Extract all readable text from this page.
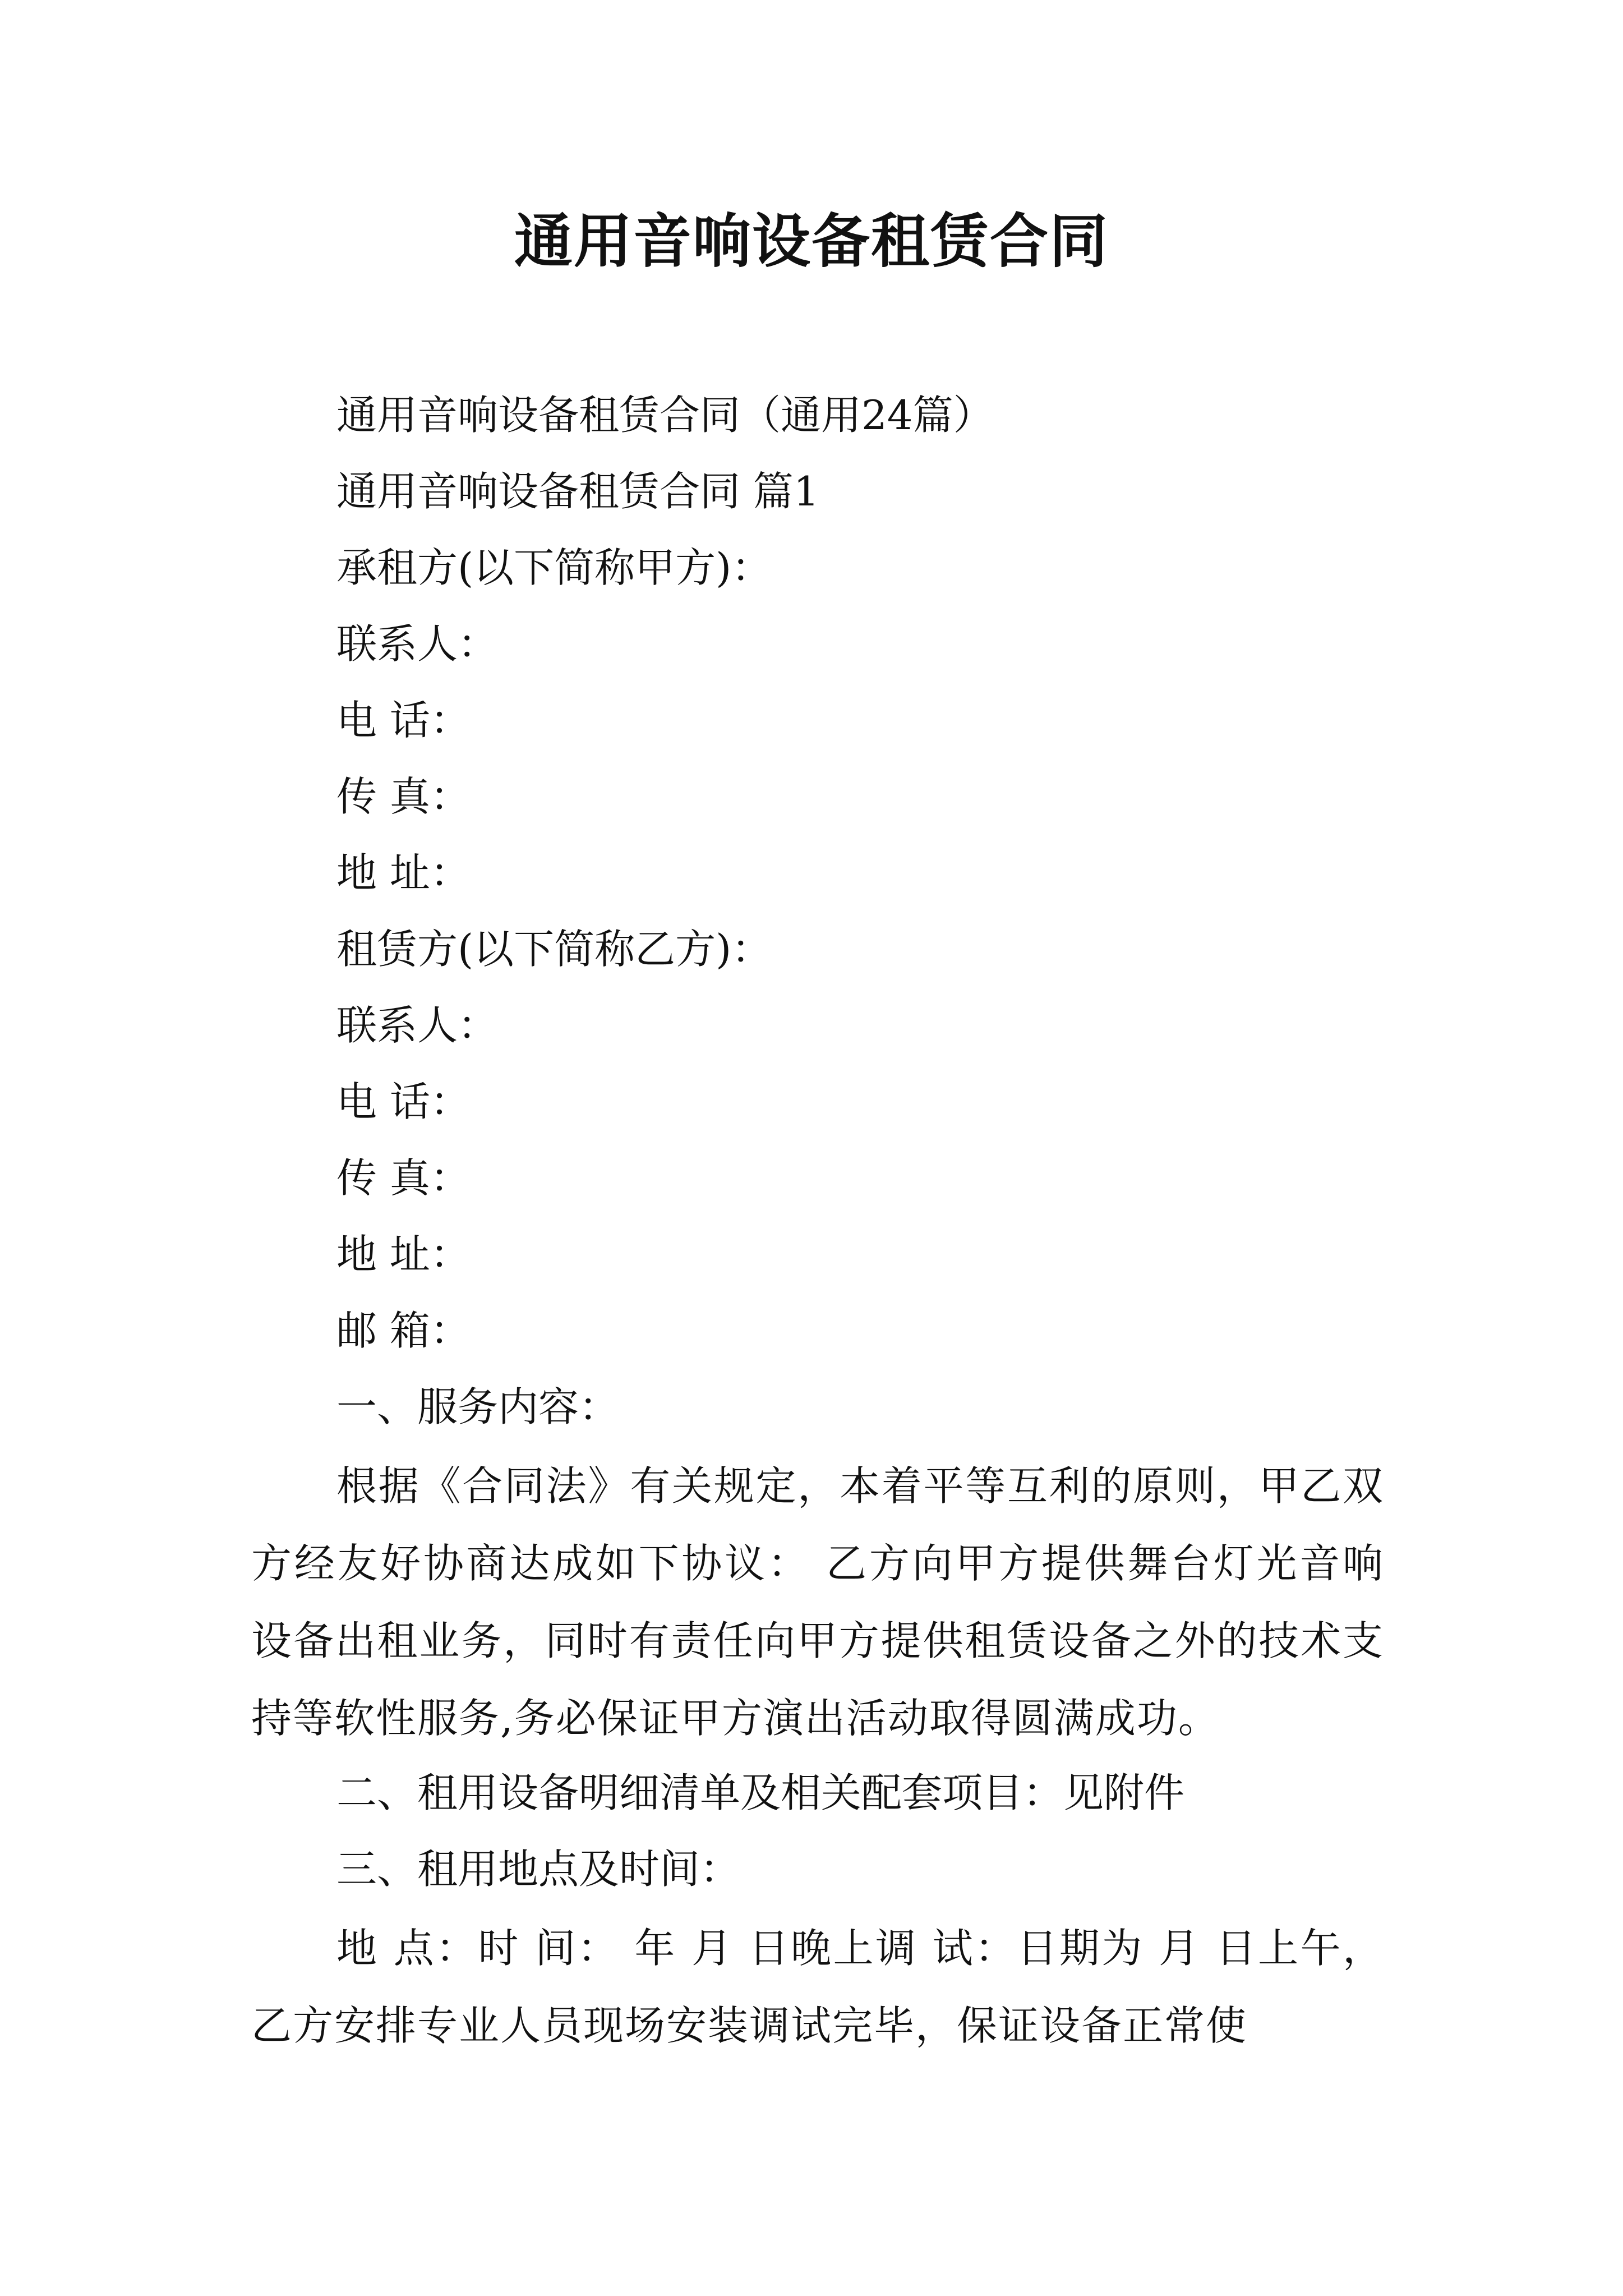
通用音响设备租赁合同
通用音响设备租赁合同（通用24篇）
通用音响设备租赁合同 篇1
承租方(以下简称甲方)：
联系人：
电 话：
传 真：
地 址：
租赁方(以下简称乙方)：
联系人：
电 话：
传 真：
地 址：
邮 箱：
一、服务内容：
根据《合同法》有关规定，本着平等互利的原则，甲乙双方经友好协商达成如下协议： 乙方向甲方提供舞台灯光音响设备出租业务，同时有责任向甲方提供租赁设备之外的技术支持等软性服务,务必保证甲方演出活动取得圆满成功。
二、租用设备明细清单及相关配套项目：见附件
三、租用地点及时间：
地 点：时 间： 年 月 日晚上调 试：日期为 月 日上午，乙方安排专业人员现场安装调试完毕，保证设备正常使
